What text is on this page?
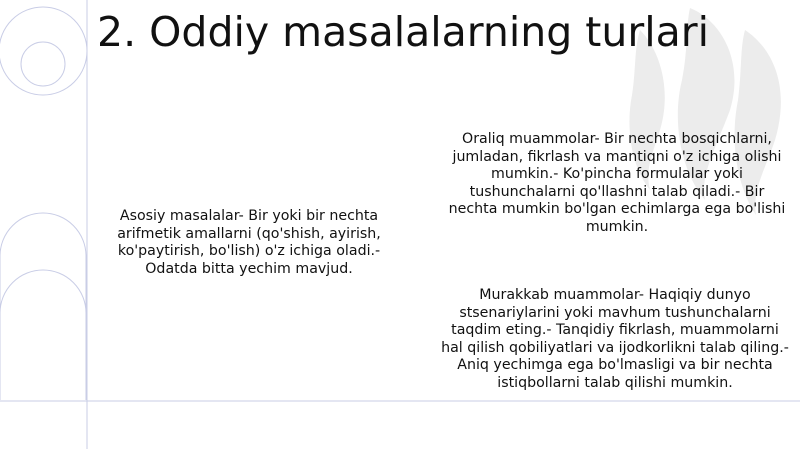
2. Oddiy masalalarning turlari
Asosiy masalalar- Bir yoki bir nechta arifmetik amallarni (qo'shish, ayirish, ko'paytirish, bo'lish) o'z ichiga oladi.- Odatda bitta yechim mavjud.
Oraliq muammolar- Bir nechta bosqichlarni, jumladan, fikrlash va mantiqni o'z ichiga olishi mumkin.- Ko'pincha formulalar yoki tushunchalarni qo'llashni talab qiladi.- Bir nechta mumkin bo'lgan echimlarga ega bo'lishi mumkin.
Murakkab muammolar- Haqiqiy dunyo stsenariylarini yoki mavhum tushunchalarni taqdim eting.- Tanqidiy fikrlash, muammolarni hal qilish qobiliyatlari va ijodkorlikni talab qiling.- Aniq yechimga ega bo'lmasligi va bir nechta istiqbollarni talab qilishi mumkin.
